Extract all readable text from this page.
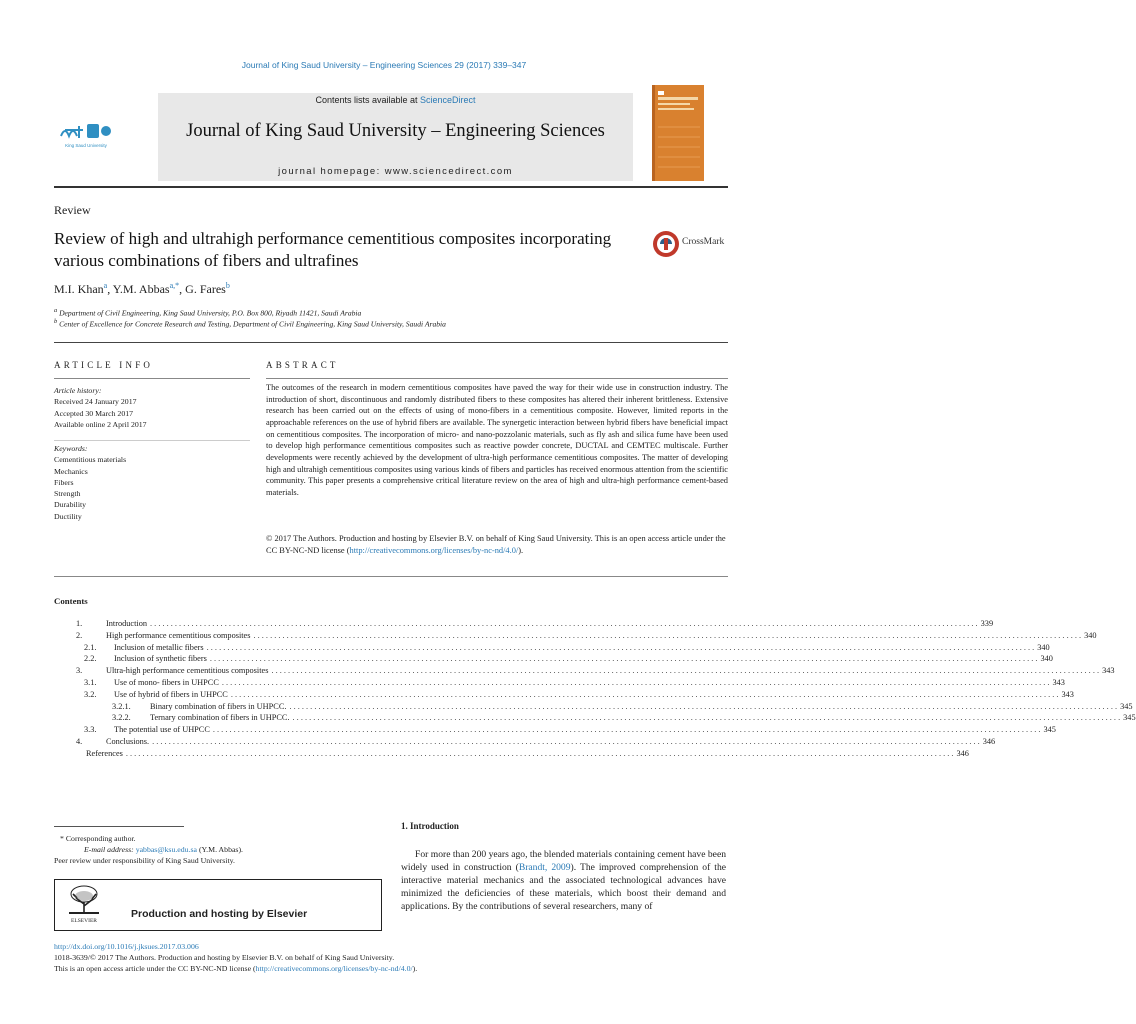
Journal of King Saud University – Engineering Sciences 29 (2017) 339–347
Contents lists available at ScienceDirect
Journal of King Saud University – Engineering Sciences
journal homepage: www.sciencedirect.com
King Saud University
Review
Review of high and ultrahigh performance cementitious composites incorporating various combinations of fibers and ultrafines
CrossMark
M.I. Khan$^a$, Y.M. Abbas$^{a,*}$, G. Fares$^b$
$^a$ Department of Civil Engineering, King Saud University, P.O. Box 800, Riyadh 11421, Saudi Arabia
$^b$ Center of Excellence for Concrete Research and Testing, Department of Civil Engineering, King Saud University, Saudi Arabia
ARTICLE INFO	ABSTRACT
Article history:
Received 24 January 2017
Accepted 30 March 2017
Available online 2 April 2017
Keywords:
Cementitious materials
Mechanics
Fibers
Strength
Durability
Ductility
The outcomes of the research in modern cementitious composites have paved the way for their wide use in construction industry. The introduction of short, discontinuous and randomly distributed fibers to these composites has altered their inherent brittleness. Extensive research has been carried out on the effects of using of mono-fibers in a cementitious composite. However, limited reports in the approachable references on the use of hybrid fibers are available. The synergetic interaction between hybrid fibers have beneficial impact on cementitious composites. The incorporation of micro- and nano-pozzolanic materials, such as fly ash and silica fume have been used to develop high performance cementitious composites such as reactive powder concrete, DUCTAL and CEMTEC multiscale. Further developments were recently achieved by the development of ultra-high performance cementitious composites. The matter of developing high and ultrahigh cementitious composites using various kinds of fibers and particles has received enormous attention from the scientific community. This paper presents a comprehensive critical literature review on the area of high and ultra-high performance cement-based materials.
© 2017 The Authors. Production and hosting by Elsevier B.V. on behalf of King Saud University. This is an open access article under the CC BY-NC-ND license (http://creativecommons.org/licenses/by-nc-nd/4.0/).
Contents
1.	Introduction . . . . . . . . . . . . . . . . . . . . . . . . . . . . . . . . . . . . . . . . . . . . . . . . . . . . . . . . . . . . . . . . . . . . . . . . . . . . . . . . . . . . . . . . . . . . . . . . . . . . . . . . . . . . . . . . . . . . . . . . . . . . . . . . . . . . . . . . . . . . . . . . . . . . . . . . . . . . . . . . . . . . . . . . . . . . . . . . . . . . . . . . . . . . . . . . . . . . . . . . 339
2.	High performance cementitious composites . . . . . . . . . . . . . . . . . . . . . . . . . . . . . . . . . . . . . . . . . . . . . . . . . . . . . . . . . . . . . . . . . . . . . . . . . . . . . . . . . . . . . . . . . . . . . . . . . . . . . . . . . . . . . . . . . . . . . . . . . . . . . . . . . . . . . . . . . . . . . . . . . . . . . . . . . . . . . . . . . . . . . . . . . . . . . . . . . . . . . . . . . . . . . . . . . . . . . . . . 340
2.1.	Inclusion of metallic fibers . . . . . . . . . . . . . . . . . . . . . . . . . . . . . . . . . . . . . . . . . . . . . . . . . . . . . . . . . . . . . . . . . . . . . . . . . . . . . . . . . . . . . . . . . . . . . . . . . . . . . . . . . . . . . . . . . . . . . . . . . . . . . . . . . . . . . . . . . . . . . . . . . . . . . . . . . . . . . . . . . . . . . . . . . . . . . . . . . . . . . . . . . . . . . . . . . . . . . . . . 340
2.2.	Inclusion of synthetic fibers . . . . . . . . . . . . . . . . . . . . . . . . . . . . . . . . . . . . . . . . . . . . . . . . . . . . . . . . . . . . . . . . . . . . . . . . . . . . . . . . . . . . . . . . . . . . . . . . . . . . . . . . . . . . . . . . . . . . . . . . . . . . . . . . . . . . . . . . . . . . . . . . . . . . . . . . . . . . . . . . . . . . . . . . . . . . . . . . . . . . . . . . . . . . . . . . . . . . . . . . 340
3.	Ultra-high performance cementitious composites . . . . . . . . . . . . . . . . . . . . . . . . . . . . . . . . . . . . . . . . . . . . . . . . . . . . . . . . . . . . . . . . . . . . . . . . . . . . . . . . . . . . . . . . . . . . . . . . . . . . . . . . . . . . . . . . . . . . . . . . . . . . . . . . . . . . . . . . . . . . . . . . . . . . . . . . . . . . . . . . . . . . . . . . . . . . . . . . . . . . . . . . . . . . . . . . . . . . . . . . 343
3.1.	Use of mono- fibers in UHPCC . . . . . . . . . . . . . . . . . . . . . . . . . . . . . . . . . . . . . . . . . . . . . . . . . . . . . . . . . . . . . . . . . . . . . . . . . . . . . . . . . . . . . . . . . . . . . . . . . . . . . . . . . . . . . . . . . . . . . . . . . . . . . . . . . . . . . . . . . . . . . . . . . . . . . . . . . . . . . . . . . . . . . . . . . . . . . . . . . . . . . . . . . . . . . . . . . . . . . . . . 343
3.2.	Use of hybrid of fibers in UHPCC . . . . . . . . . . . . . . . . . . . . . . . . . . . . . . . . . . . . . . . . . . . . . . . . . . . . . . . . . . . . . . . . . . . . . . . . . . . . . . . . . . . . . . . . . . . . . . . . . . . . . . . . . . . . . . . . . . . . . . . . . . . . . . . . . . . . . . . . . . . . . . . . . . . . . . . . . . . . . . . . . . . . . . . . . . . . . . . . . . . . . . . . . . . . . . . . . . . . . . . . 343
3.2.1.	Binary combination of fibers in UHPCC. . . . . . . . . . . . . . . . . . . . . . . . . . . . . . . . . . . . . . . . . . . . . . . . . . . . . . . . . . . . . . . . . . . . . . . . . . . . . . . . . . . . . . . . . . . . . . . . . . . . . . . . . . . . . . . . . . . . . . . . . . . . . . . . . . . . . . . . . . . . . . . . . . . . . . . . . . . . . . . . . . . . . . . . . . . . . . . . . . . . . . . . . . . . . . . . . . . . . . . . . 345
3.2.2.	Ternary combination of fibers in UHPCC. . . . . . . . . . . . . . . . . . . . . . . . . . . . . . . . . . . . . . . . . . . . . . . . . . . . . . . . . . . . . . . . . . . . . . . . . . . . . . . . . . . . . . . . . . . . . . . . . . . . . . . . . . . . . . . . . . . . . . . . . . . . . . . . . . . . . . . . . . . . . . . . . . . . . . . . . . . . . . . . . . . . . . . . . . . . . . . . . . . . . . . . . . . . . . . . . . . . . . . . . 345
3.3.	The potential use of UHPCC . . . . . . . . . . . . . . . . . . . . . . . . . . . . . . . . . . . . . . . . . . . . . . . . . . . . . . . . . . . . . . . . . . . . . . . . . . . . . . . . . . . . . . . . . . . . . . . . . . . . . . . . . . . . . . . . . . . . . . . . . . . . . . . . . . . . . . . . . . . . . . . . . . . . . . . . . . . . . . . . . . . . . . . . . . . . . . . . . . . . . . . . . . . . . . . . . . . . . . . . 345
4.	Conclusions. . . . . . . . . . . . . . . . . . . . . . . . . . . . . . . . . . . . . . . . . . . . . . . . . . . . . . . . . . . . . . . . . . . . . . . . . . . . . . . . . . . . . . . . . . . . . . . . . . . . . . . . . . . . . . . . . . . . . . . . . . . . . . . . . . . . . . . . . . . . . . . . . . . . . . . . . . . . . . . . . . . . . . . . . . . . . . . . . . . . . . . . . . . . . . . . . . . . . . . . . 346
References . . . . . . . . . . . . . . . . . . . . . . . . . . . . . . . . . . . . . . . . . . . . . . . . . . . . . . . . . . . . . . . . . . . . . . . . . . . . . . . . . . . . . . . . . . . . . . . . . . . . . . . . . . . . . . . . . . . . . . . . . . . . . . . . . . . . . . . . . . . . . . . . . . . . . . . . . . . . . . . . . . . . . . . . . . . . . . . . . . . . . . . . . . . . . . . . . . . . . . . . 346
* Corresponding author.
E-mail address: yabbas@ksu.edu.sa (Y.M. Abbas).
Peer review under responsibility of King Saud University.
ELSEVIER
Production and hosting by Elsevier
1. Introduction
For more than 200 years ago, the blended materials containing cement have been widely used in construction (Brandt, 2009). The improved comprehension of the interactive material mechanics and the associated technological advances have minimized the deficiencies of these materials, which boost their demand and applications. By the contributions of several researchers, many of
http://dx.doi.org/10.1016/j.jksues.2017.03.006
1018-3639/© 2017 The Authors. Production and hosting by Elsevier B.V. on behalf of King Saud University.
This is an open access article under the CC BY-NC-ND license (http://creativecommons.org/licenses/by-nc-nd/4.0/).
